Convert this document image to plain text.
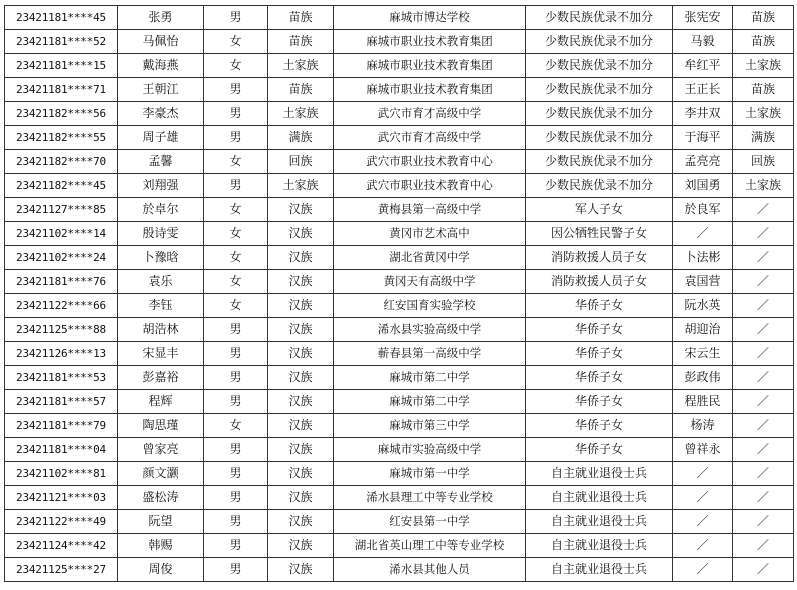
23421181****45	张勇	男	苗族	麻城市博达学校	少数民族优录不加分	张宪安	苗族
23421181****52	马佩怡	女	苗族	麻城市职业技术教育集团	少数民族优录不加分	马毅	苗族
23421181****15	戴海燕	女	土家族	麻城市职业技术教育集团	少数民族优录不加分	牟红平	土家族
23421181****71	王朝江	男	苗族	麻城市职业技术教育集团	少数民族优录不加分	王正长	苗族
23421182****56	李豪杰	男	土家族	武穴市育才高级中学	少数民族优录不加分	李井双	土家族
23421182****55	周子雄	男	满族	武穴市育才高级中学	少数民族优录不加分	于海平	满族
23421182****70	孟馨	女	回族	武穴市职业技术教育中心	少数民族优录不加分	孟亮亮	回族
23421182****45	刘翔强	男	土家族	武穴市职业技术教育中心	少数民族优录不加分	刘国勇	土家族
23421127****85	於卓尔	女	汉族	黄梅县第一高级中学	军人子女	於良军	／
23421102****14	殷诗雯	女	汉族	黄冈市艺术高中	因公牺牲民警子女	／	／
23421102****24	卜豫晗	女	汉族	湖北省黄冈中学	消防救援人员子女	卜法彬	／
23421181****76	袁乐	女	汉族	黄冈天有高级中学	消防救援人员子女	袁国营	／
23421122****66	李钰	女	汉族	红安国育实验学校	华侨子女	阮水英	／
23421125****88	胡浩林	男	汉族	浠水县实验高级中学	华侨子女	胡迎治	／
23421126****13	宋显丰	男	汉族	蕲春县第一高级中学	华侨子女	宋云生	／
23421181****53	彭嘉裕	男	汉族	麻城市第二中学	华侨子女	彭政伟	／
23421181****57	程辉	男	汉族	麻城市第二中学	华侨子女	程胜民	／
23421181****79	陶思瑾	女	汉族	麻城市第三中学	华侨子女	杨涛	／
23421181****04	曾家亮	男	汉族	麻城市实验高级中学	华侨子女	曾祥永	／
23421102****81	颜文灏	男	汉族	麻城市第一中学	自主就业退役士兵	／	／
23421121****03	盛松涛	男	汉族	浠水县理工中等专业学校	自主就业退役士兵	／	／
23421122****49	阮望	男	汉族	红安县第一中学	自主就业退役士兵	／	／
23421124****42	韩赐	男	汉族	湖北省英山理工中等专业学校	自主就业退役士兵	／	／
23421125****27	周俊	男	汉族	浠水县其他人员	自主就业退役士兵	／	／
